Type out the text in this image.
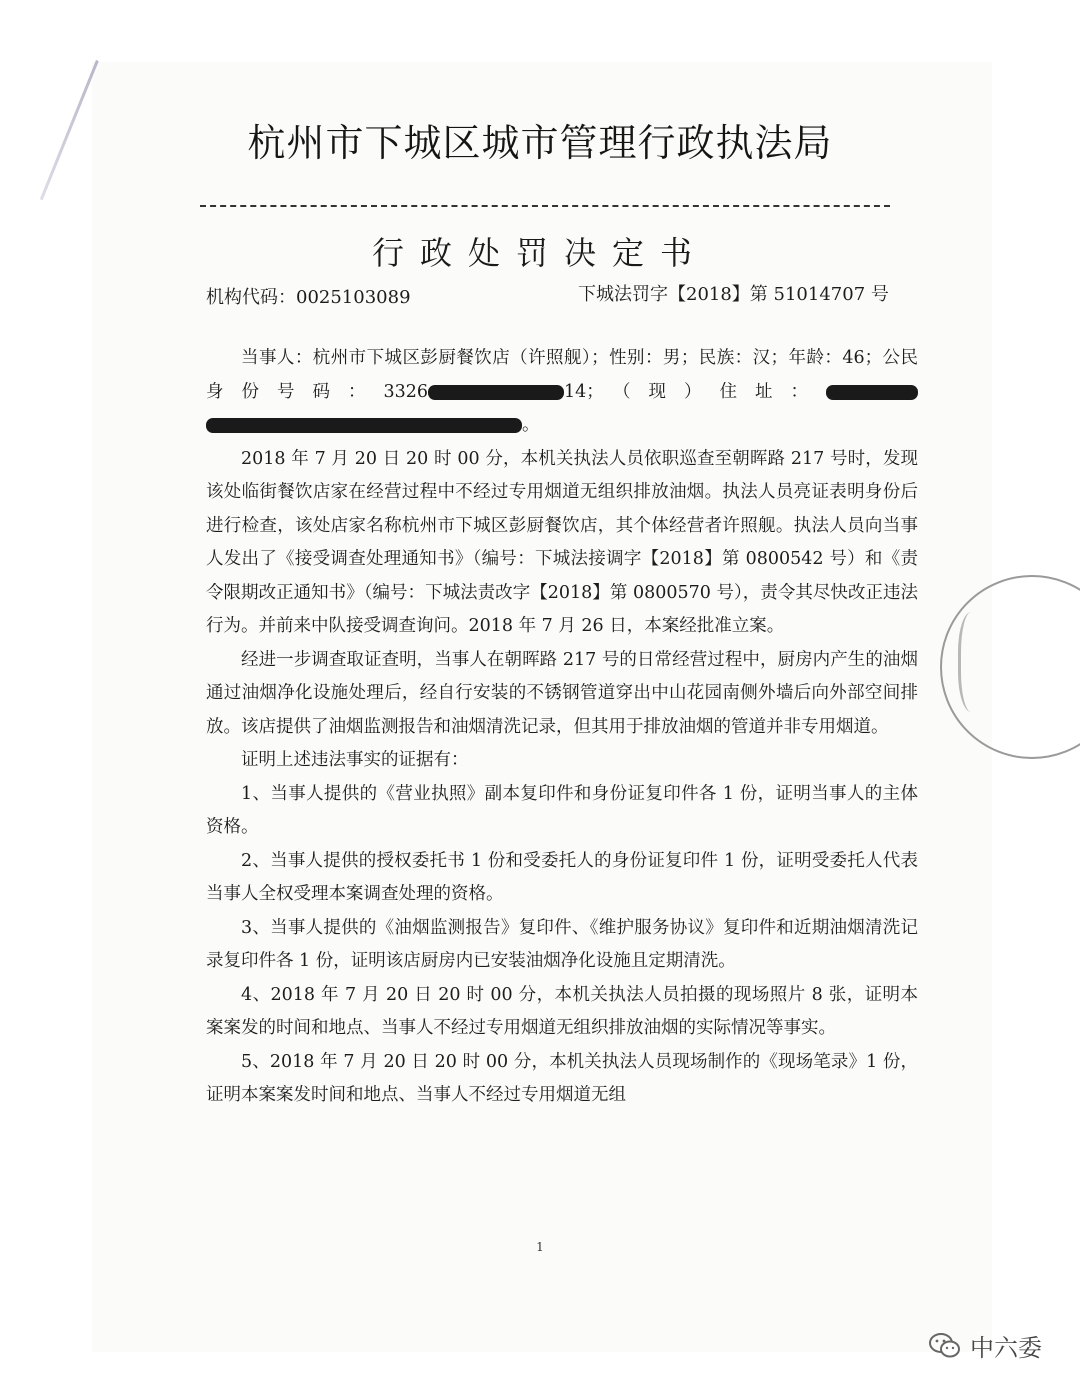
杭州市下城区城市管理行政执法局
行政处罚决定书
机构代码：0025103089	下城法罚字【2018】第 51014707 号

当事人：杭州市下城区彭厨餐饮店（许照舰）；性别：男；民族：汉；年龄：46；公民身份号码：3326	14；（现）住址：。

2018 年 7 月 20 日 20 时 00 分，本机关执法人员依职巡查至朝晖路 217 号时，发现该处临街餐饮店家在经营过程中不经过专用烟道无组织排放油烟。执法人员亮证表明身份后进行检查，该处店家名称杭州市下城区彭厨餐饮店，其个体经营者许照舰。执法人员向当事人发出了《接受调查处理通知书》（编号：下城法接调字【2018】第 0800542 号）和《责令限期改正通知书》（编号：下城法责改字【2018】第 0800570 号），责令其尽快改正违法行为。并前来中队接受调查询问。2018 年 7 月 26 日，本案经批准立案。

经进一步调查取证查明，当事人在朝晖路 217 号的日常经营过程中，厨房内产生的油烟通过油烟净化设施处理后，经自行安装的不锈钢管道穿出中山花园南侧外墙后向外部空间排放。该店提供了油烟监测报告和油烟清洗记录，但其用于排放油烟的管道并非专用烟道。

证明上述违法事实的证据有：

1、当事人提供的《营业执照》副本复印件和身份证复印件各 1 份，证明当事人的主体资格。

2、当事人提供的授权委托书 1 份和受委托人的身份证复印件 1 份，证明受委托人代表当事人全权受理本案调查处理的资格。

3、当事人提供的《油烟监测报告》复印件、《维护服务协议》复印件和近期油烟清洗记录复印件各 1 份，证明该店厨房内已安装油烟净化设施且定期清洗。

4、2018 年 7 月 20 日 20 时 00 分，本机关执法人员拍摄的现场照片 8 张，证明本案案发的时间和地点、当事人不经过专用烟道无组织排放油烟的实际情况等事实。

5、2018 年 7 月 20 日 20 时 00 分，本机关执法人员现场制作的《现场笔录》1 份，证明本案案发时间和地点、当事人不经过专用烟道无组

1
中六委
